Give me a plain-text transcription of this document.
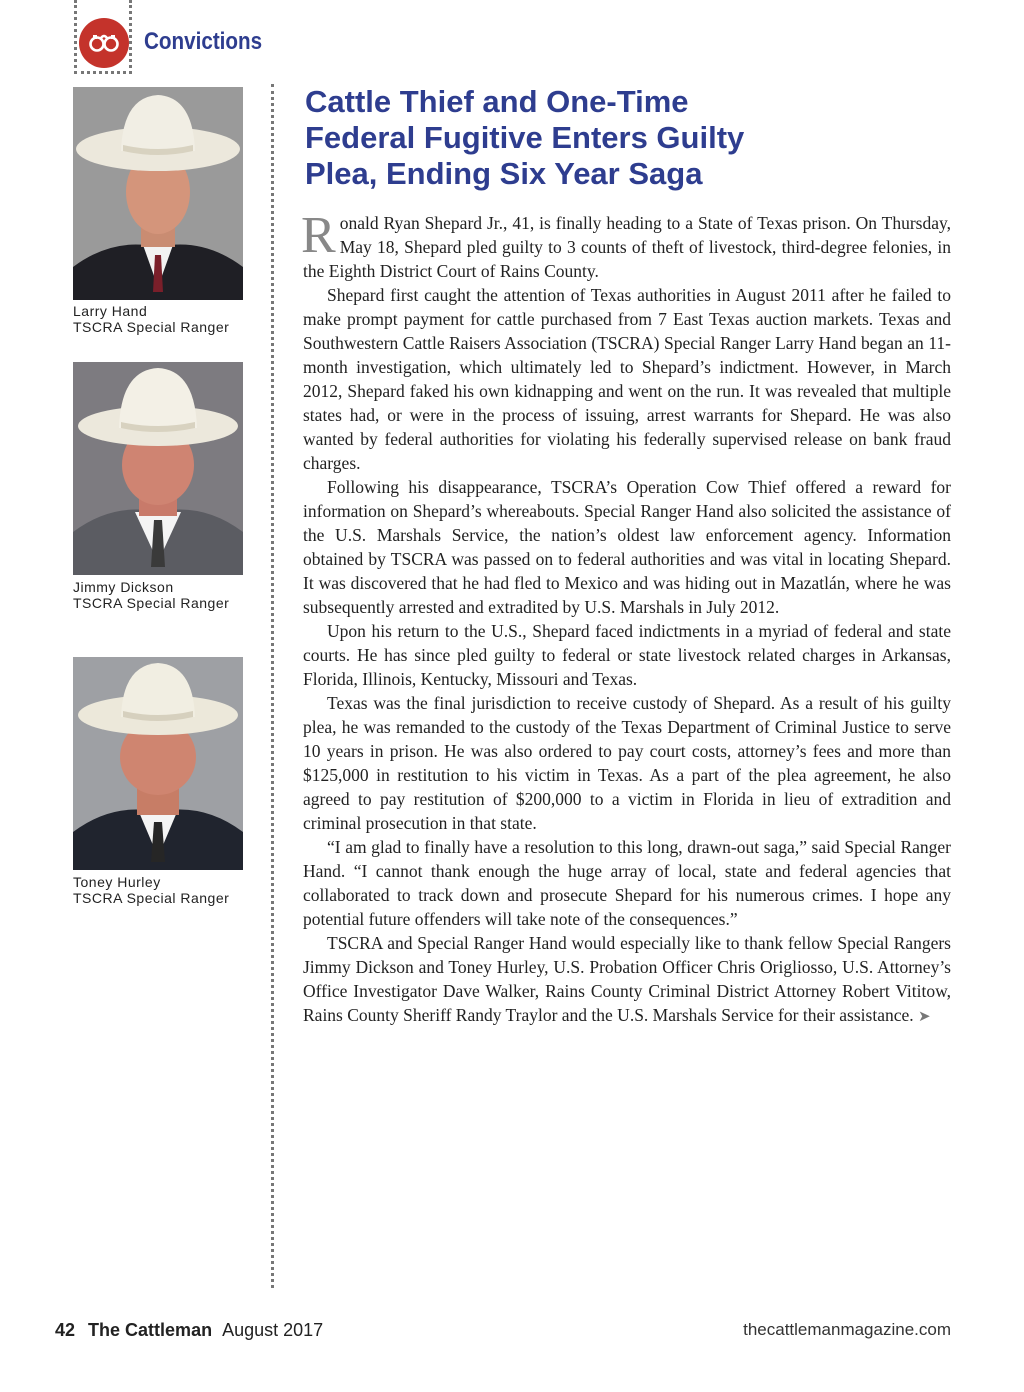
Convictions
Larry Hand
TSCRA Special Ranger
Jimmy Dickson
TSCRA Special Ranger
Toney Hurley
TSCRA Special Ranger
Cattle Thief and One-Time
Federal Fugitive Enters Guilty
Plea, Ending Six Year Saga

Ronald Ryan Shepard Jr., 41, is finally heading to a State of Texas prison. On Thursday, May 18, Shepard pled guilty to 3 counts of theft of livestock, third-degree felonies, in the Eighth District Court of Rains County.

Shepard first caught the attention of Texas authorities in August 2011 after he failed to make prompt payment for cattle purchased from 7 East Texas auction markets. Texas and Southwestern Cattle Raisers Association (TSCRA) Special Ranger Larry Hand began an 11-month investigation, which ultimately led to Shepard’s indictment. However, in March 2012, Shepard faked his own kidnapping and went on the run. It was revealed that multiple states had, or were in the process of issuing, arrest warrants for Shepard. He was also wanted by federal authorities for violating his federally supervised release on bank fraud charges.

Following his disappearance, TSCRA’s Operation Cow Thief offered a reward for information on Shepard’s whereabouts. Special Ranger Hand also solicited the assistance of the U.S. Marshals Service, the nation’s oldest law enforcement agency. Information obtained by TSCRA was passed on to federal authorities and was vital in locating Shepard. It was discovered that he had fled to Mexico and was hiding out in Mazatlán, where he was subsequently arrested and extradited by U.S. Marshals in July 2012.

Upon his return to the U.S., Shepard faced indictments in a myriad of federal and state courts. He has since pled guilty to federal or state livestock related charges in Arkansas, Florida, Illinois, Kentucky, Missouri and Texas.

Texas was the final jurisdiction to receive custody of Shepard. As a result of his guilty plea, he was remanded to the custody of the Texas Department of Criminal Justice to serve 10 years in prison. He was also ordered to pay court costs, attorney’s fees and more than $125,000 in restitution to his victim in Texas. As a part of the plea agreement, he also agreed to pay restitution of $200,000 to a victim in Florida in lieu of extradition and criminal prosecution in that state.

“I am glad to finally have a resolution to this long, drawn-out saga,” said Special Ranger Hand. “I cannot thank enough the huge array of local, state and federal agencies that collaborated to track down and prosecute Shepard for his numerous crimes. I hope any potential future offenders will take note of the consequences.”

TSCRA and Special Ranger Hand would especially like to thank fellow Special Rangers Jimmy Dickson and Toney Hurley, U.S. Probation Officer Chris Origliosso, U.S. Attorney’s Office Investigator Dave Walker, Rains County Criminal District Attorney Robert Vititow, Rains County Sheriff Randy Traylor and the U.S. Marshals Service for their assistance. ➤

42 The Cattleman August 2017	thecattlemanmagazine.com
